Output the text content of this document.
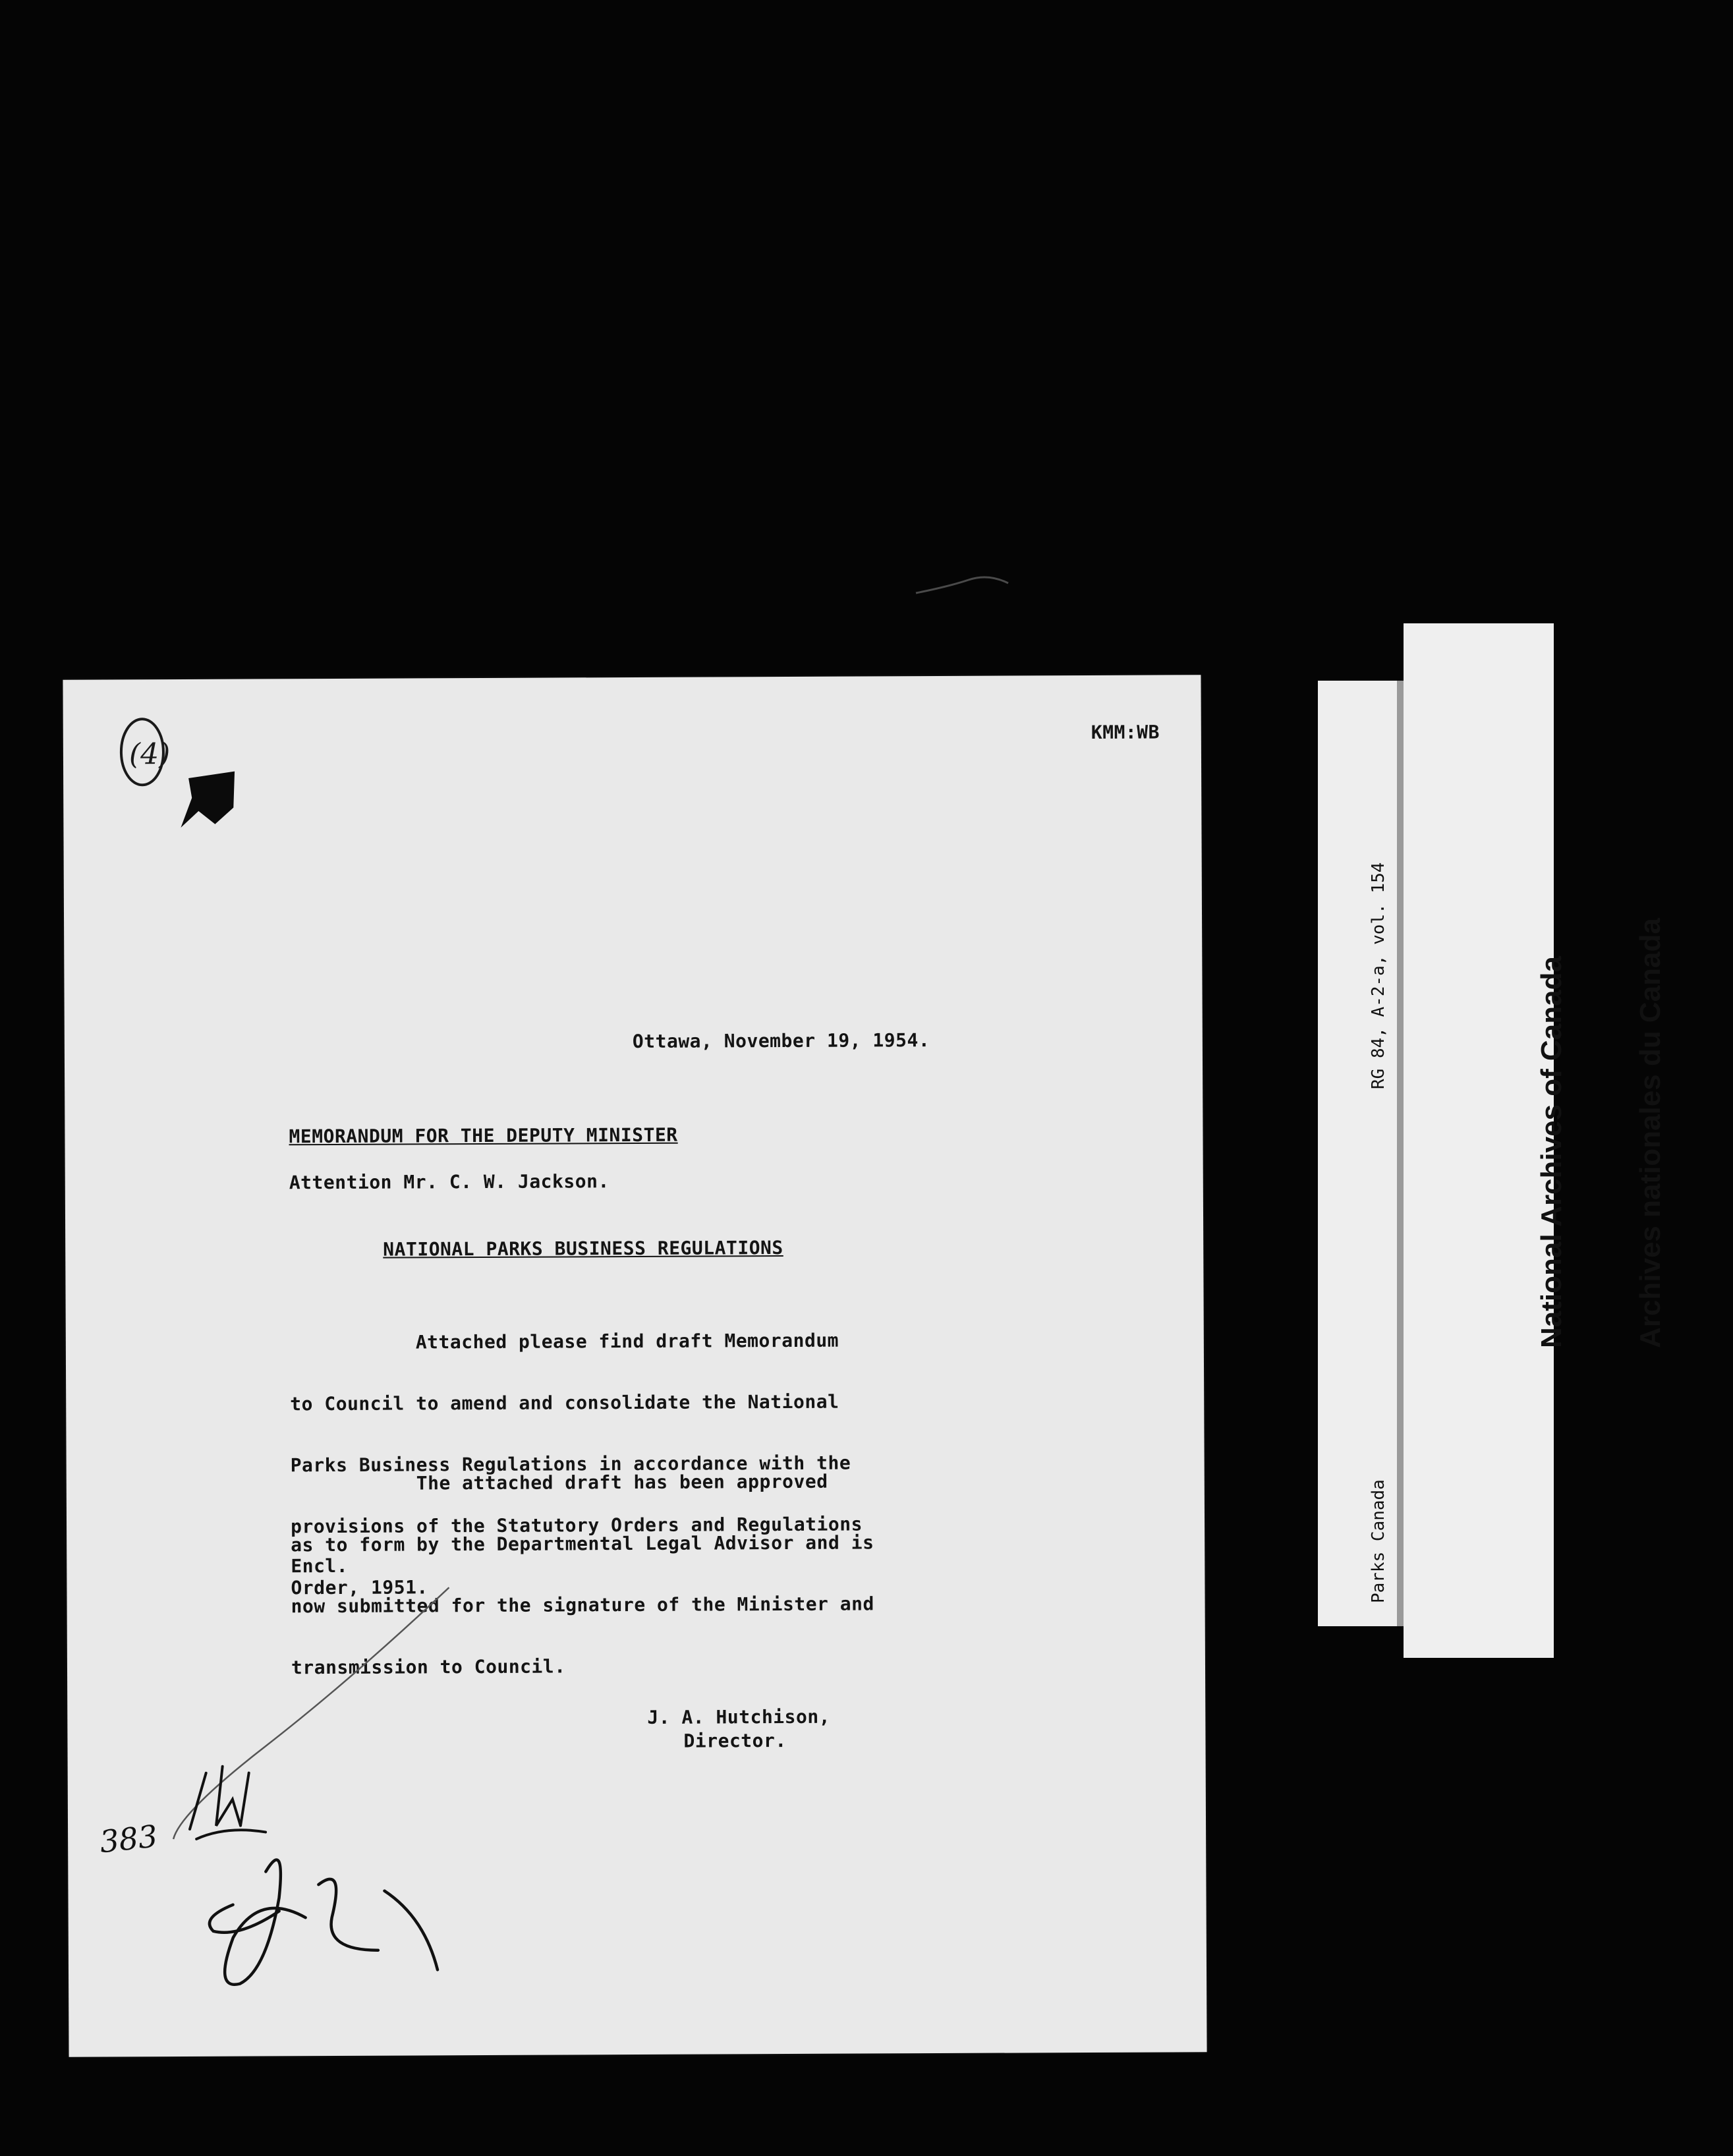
KMM:WB
Ottawa, November 19, 1954.
MEMORANDUM FOR THE DEPUTY MINISTER
Attention Mr. C. W. Jackson.
NATIONAL PARKS BUSINESS REGULATIONS

Attached please find draft Memorandum

to Council to amend and consolidate the National

Parks Business Regulations in accordance with the

provisions of the Statutory Orders and Regulations

Order, 1951.

The attached draft has been approved

as to form by the Departmental Legal Advisor and is

now submitted for the signature of the Minister and

transmission to Council.

Encl.
J. A. Hutchison,
Director.
(4)
383

RG 84, A-2-a, vol. 154

Parks Canada

National Archives of Canada

Archives nationales du Canada
